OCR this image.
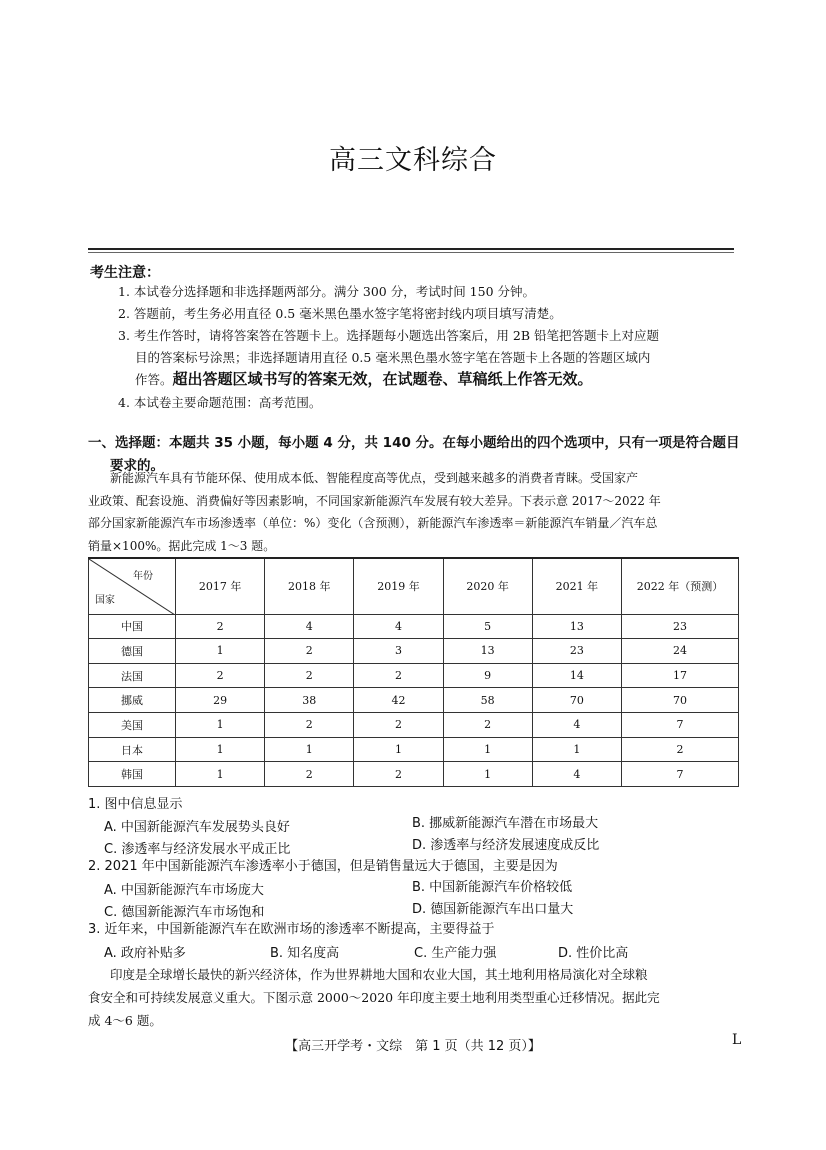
高三文科综合
考生注意：
1. 本试卷分选择题和非选择题两部分。满分 300 分，考试时间 150 分钟。
2. 答题前，考生务必用直径 0.5 毫米黑色墨水签字笔将密封线内项目填写清楚。
3. 考生作答时，请将答案答在答题卡上。选择题每小题选出答案后，用 2B 铅笔把答题卡上对应题
目的答案标号涂黑；非选择题请用直径 0.5 毫米黑色墨水签字笔在答题卡上各题的答题区域内
作答。超出答题区域书写的答案无效，在试题卷、草稿纸上作答无效。
4. 本试卷主要命题范围：高考范围。
一、选择题：本题共 35 小题，每小题 4 分，共 140 分。在每小题给出的四个选项中，只有一项是符合题目
要求的。
新能源汽车具有节能环保、使用成本低、智能程度高等优点，受到越来越多的消费者青睐。受国家产
业政策、配套设施、消费偏好等因素影响，不同国家新能源汽车发展有较大差异。下表示意 2017～2022 年
部分国家新能源汽车市场渗透率（单位：%）变化（含预测），新能源汽车渗透率＝新能源汽车销量／汽车总
销量×100%。据此完成 1～3 题。
年份
国家	2017 年	2018 年	2019 年	2020 年	2021 年	2022 年（预测）
中国	2	4	4	5	13	23
德国	1	2	3	13	23	24
法国	2	2	2	9	14	17
挪威	29	38	42	58	70	70
美国	1	2	2	2	4	7
日本	1	1	1	1	1	2
韩国	1	2	2	1	4	7
1. 图中信息显示
A. 中国新能源汽车发展势头良好	B. 挪威新能源汽车潜在市场最大
C. 渗透率与经济发展水平成正比	D. 渗透率与经济发展速度成反比
2. 2021 年中国新能源汽车渗透率小于德国，但是销售量远大于德国，主要是因为
A. 中国新能源汽车市场庞大	B. 中国新能源汽车价格较低
C. 德国新能源汽车市场饱和	D. 德国新能源汽车出口量大
3. 近年来，中国新能源汽车在欧洲市场的渗透率不断提高，主要得益于
A. 政府补贴多	B. 知名度高	C. 生产能力强	D. 性价比高
印度是全球增长最快的新兴经济体，作为世界耕地大国和农业大国，其土地利用格局演化对全球粮
食安全和可持续发展意义重大。下图示意 2000～2020 年印度主要土地利用类型重心迁移情况。据此完
成 4～6 题。
【高三开学考・文综　第 1 页（共 12 页）】	L
